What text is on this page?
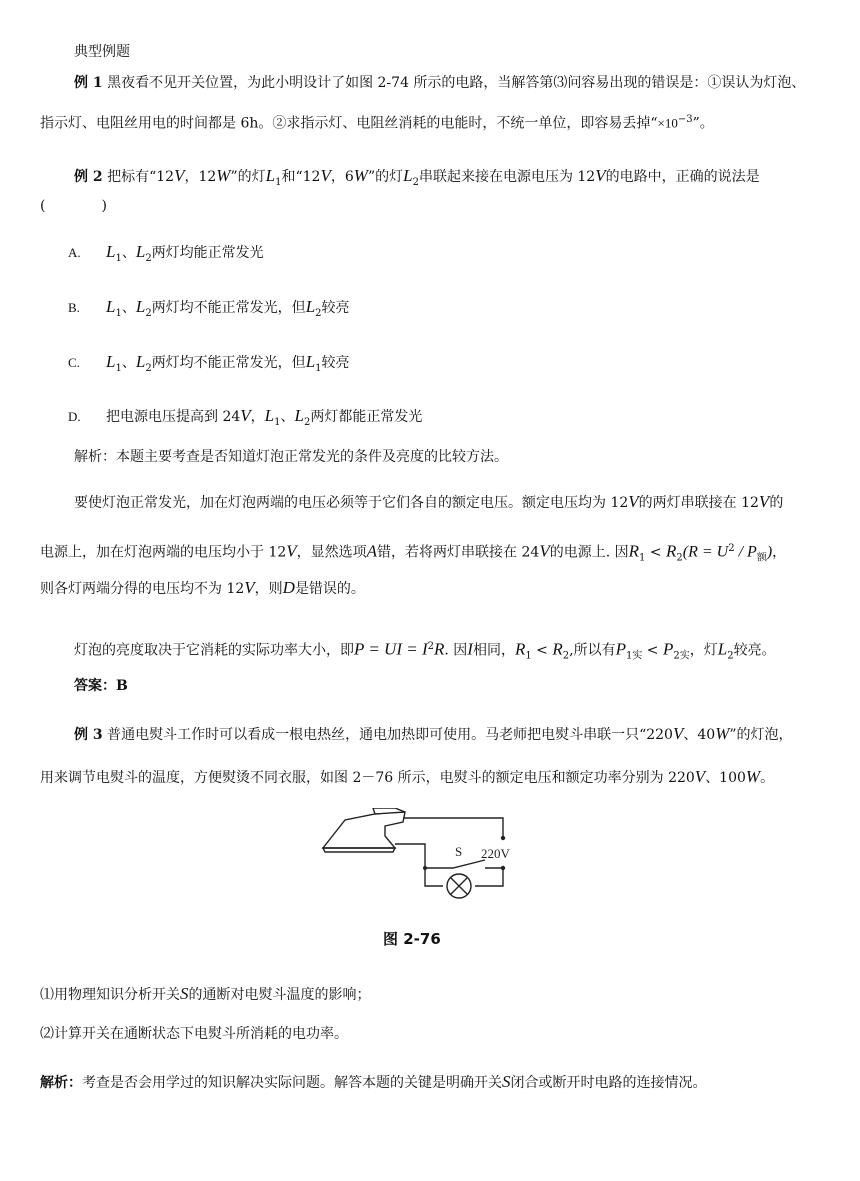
典型例题
例 1 黑夜看不见开关位置，为此小明设计了如图 2-74 所示的电路，当解答第⑶问容易出现的错误是：①误认为灯泡、
指示灯、电阻丝用电的时间都是 6h。②求指示灯、电阻丝消耗的电能时，不统一单位，即容易丢掉“$\times 10^{-3}$”。
例 2 把标有“12V，12W”的灯$L_1$和“12V，6W”的灯$L_2$串联起来接在电源电压为 12V的电路中，正确的说法是
(　　　　)
A. $L_1$、$L_2$两灯均能正常发光
B. $L_1$、$L_2$两灯均不能正常发光，但$L_2$较亮
C. $L_1$、$L_2$两灯均不能正常发光，但$L_1$较亮
D. 把电源电压提高到 24V，$L_1$、$L_2$两灯都能正常发光
解析：本题主要考查是否知道灯泡正常发光的条件及亮度的比较方法。
要使灯泡正常发光，加在灯泡两端的电压必须等于它们各自的额定电压。额定电压均为 12V的两灯串联接在 12V的
电源上，加在灯泡两端的电压均小于 12V，显然选项A错，若将两灯串联接在 24V的电源上. 因$R_1 < R_2(R = U^2 / P_额)$，
则各灯两端分得的电压均不为 12V，则D是错误的。
灯泡的亮度取决于它消耗的实际功率大小，即P = UI = $I^2R$. 因I相同，$R_1 < R_2$,所以有$P_{1实} < P_{2实}$，灯$L_2$较亮。
答案：B
例 3 普通电熨斗工作时可以看成一根电热丝，通电加热即可使用。马老师把电熨斗串联一只“220V、40W”的灯泡，
用来调节电熨斗的温度，方便熨烫不同衣服，如图 2－76 所示，电熨斗的额定电压和额定功率分别为 220V、100W。
S 220V
图 2-76
⑴用物理知识分析开关S的通断对电熨斗温度的影响；
⑵计算开关在通断状态下电熨斗所消耗的电功率。
解析：考查是否会用学过的知识解决实际问题。解答本题的关键是明确开关S闭合或断开时电路的连接情况。
